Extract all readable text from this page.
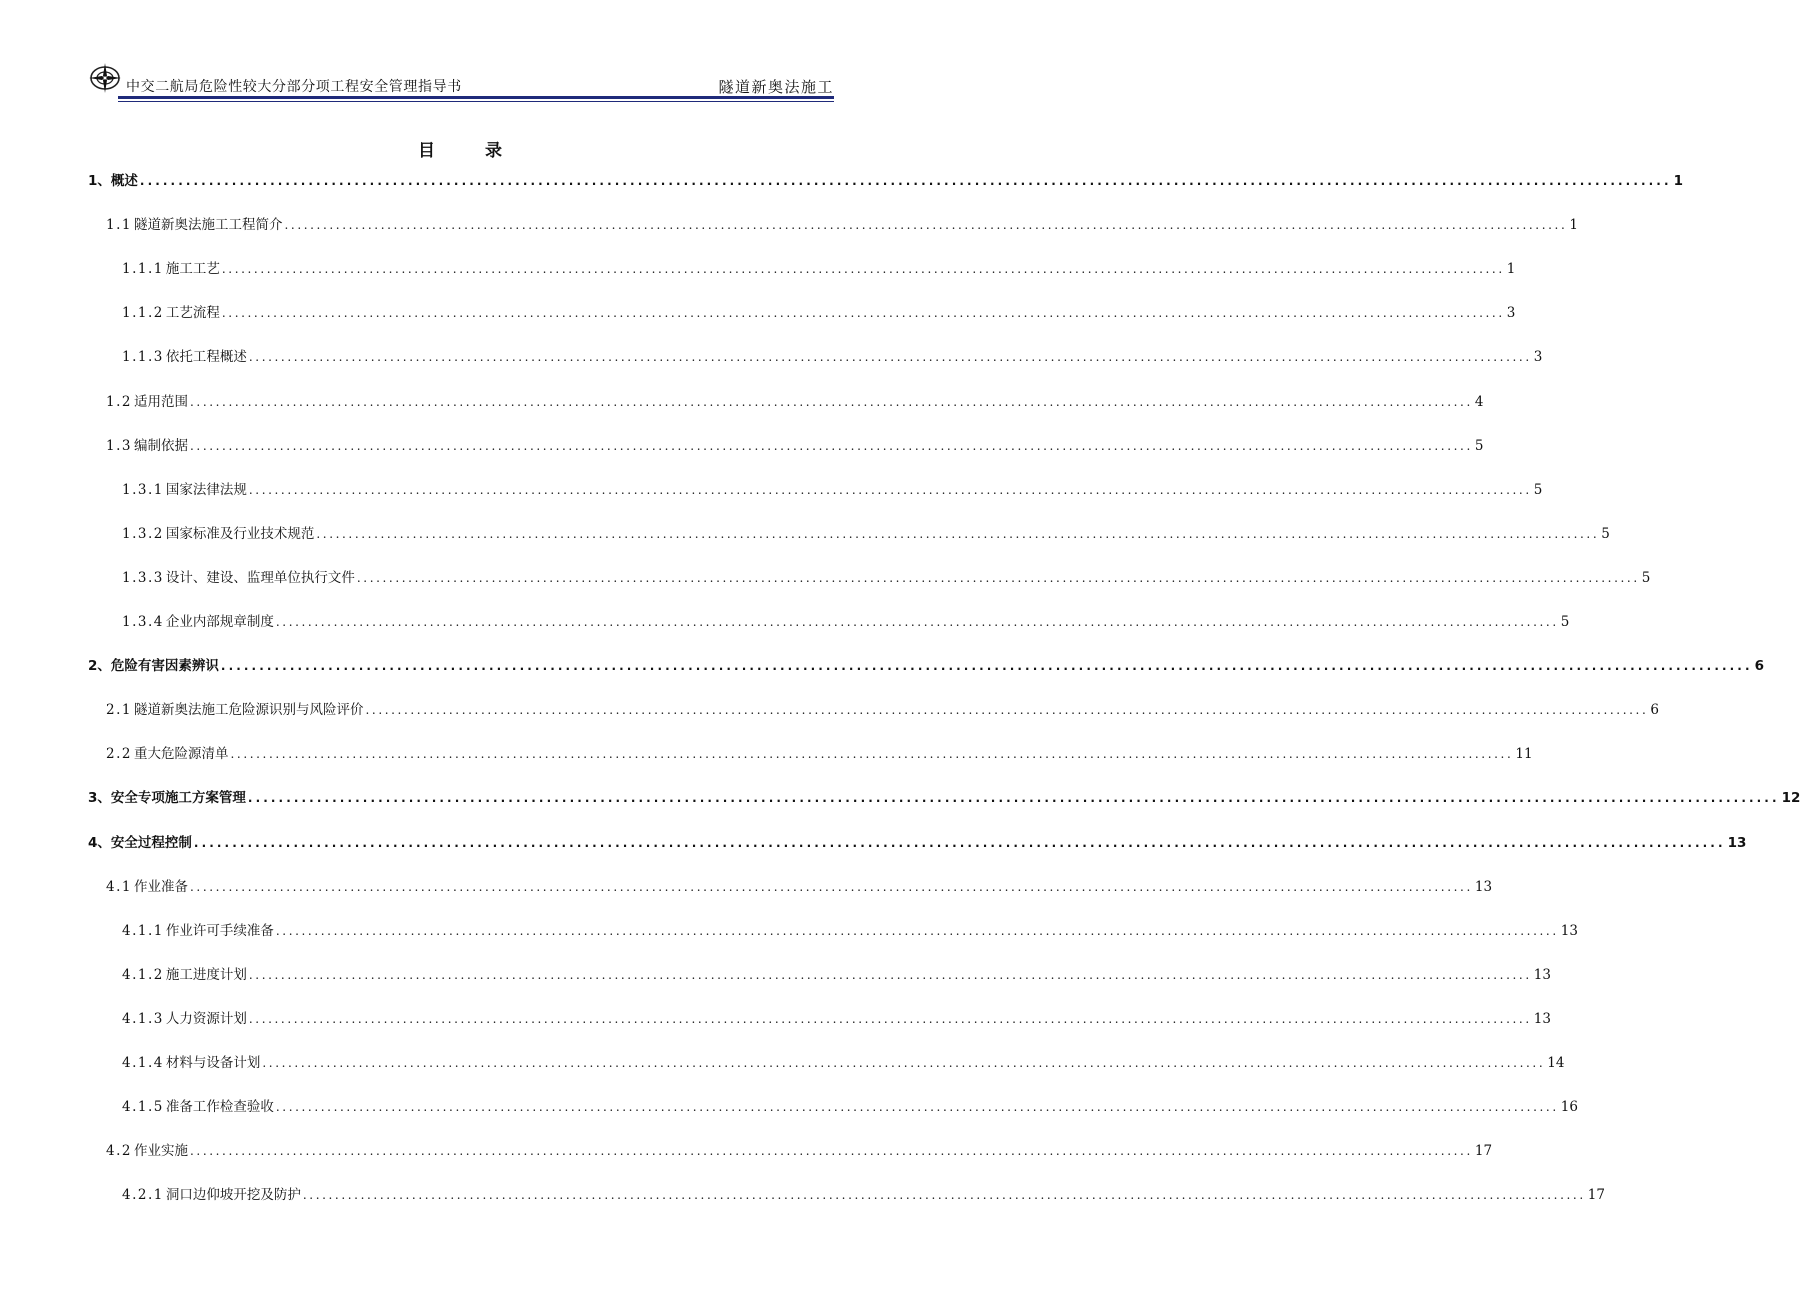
中交二航局危险性较大分部分项工程安全管理指导书	隧道新奥法施工
目 录
1、 概述 ........................................................................................................................................................................................................ 1
1.1 隧道新奥法施工工程简介 ........................................................................................................................................................................................................ 1
1.1.1 施工工艺 ........................................................................................................................................................................................................ 1
1.1.2 工艺流程 ........................................................................................................................................................................................................ 3
1.1.3 依托工程概述 ........................................................................................................................................................................................................ 3
1.2 适用范围 ........................................................................................................................................................................................................ 4
1.3 编制依据 ........................................................................................................................................................................................................ 5
1.3.1 国家法律法规 ........................................................................................................................................................................................................ 5
1.3.2 国家标准及行业技术规范 ........................................................................................................................................................................................................ 5
1.3.3 设计、建设、监理单位执行文件 ........................................................................................................................................................................................................ 5
1.3.4 企业内部规章制度 ........................................................................................................................................................................................................ 5
2、 危险有害因素辨识 ........................................................................................................................................................................................................ 6
2.1 隧道新奥法施工危险源识别与风险评价 ........................................................................................................................................................................................................ 6
2.2 重大危险源清单 ........................................................................................................................................................................................................ 11
3、 安全专项施工方案管理 ........................................................................................................................................................................................................ 12
4、 安全过程控制 ........................................................................................................................................................................................................ 13
4.1 作业准备 ........................................................................................................................................................................................................ 13
4.1.1 作业许可手续准备 ........................................................................................................................................................................................................ 13
4.1.2 施工进度计划 ........................................................................................................................................................................................................ 13
4.1.3 人力资源计划 ........................................................................................................................................................................................................ 13
4.1.4 材料与设备计划 ........................................................................................................................................................................................................ 14
4.1.5 准备工作检查验收 ........................................................................................................................................................................................................ 16
4.2 作业实施 ........................................................................................................................................................................................................ 17
4.2.1 洞口边仰坡开挖及防护 ........................................................................................................................................................................................................ 17
